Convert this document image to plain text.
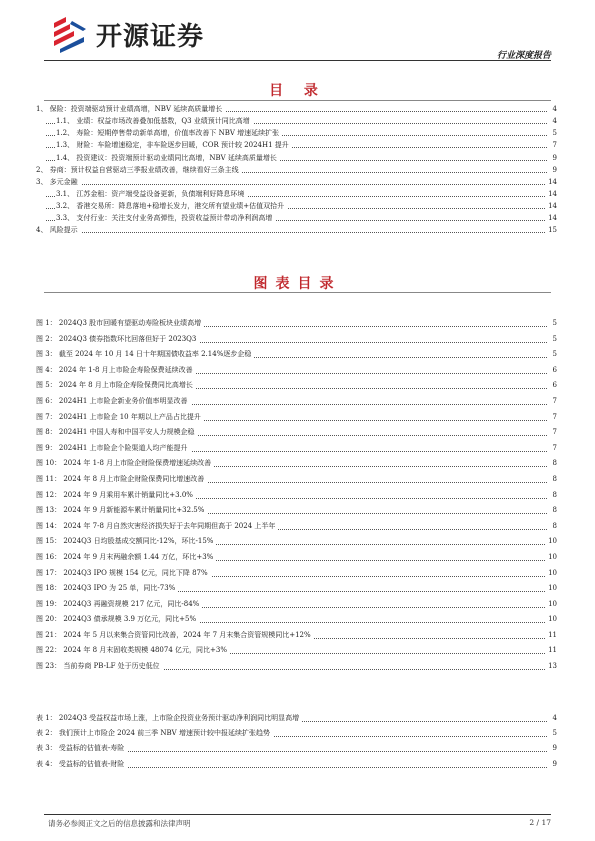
开源证券
行业深度报告
目 录
1、 保险：投资端驱动预计业绩高增，NBV 延续高质量增长	4
1.1、 业绩：权益市场改善叠加低基数，Q3 业绩预计同比高增	4
1.2、 寿险：短期停售带动新单高增，价值率改善下 NBV 增速延续扩张	5
1.3、 财险：车险增速稳定，非车险逐步回暖，COR 预计较 2024H1 提升	7
1.4、 投资建议：投资端预计驱动业绩同比高增，NBV 延续高质量增长	9
2、 券商：预计权益自营驱动三季报业绩改善，继续看好三条主线	9
3、 多元金融	14
3.1、 江苏金租：资产端受益设备更新，负债端利好降息环境	14
3.2、 香港交易所：降息落地+稳增长发力，港交所有望业绩+估值双拾升	14
3.3、 支付行业：关注支付业务高弹性，投资收益预计带动净利润高增	14
4、 风险提示	15
图表目录
图 1： 2024Q3 股市回暖有望驱动寿险板块业绩高增	5
图 2： 2024Q3 债券指数环比回落但好于 2023Q3	5
图 3： 截至 2024 年 10 月 14 日十年期国债收益率 2.14%逐步企稳	5
图 4： 2024 年 1-8 月上市险企寿险保费延续改善	6
图 5： 2024 年 8 月上市险企寿险保费同比高增长	6
图 6： 2024H1 上市险企新业务价值率明显改善	7
图 7： 2024H1 上市险企 10 年期以上产品占比提升	7
图 8： 2024H1 中国人寿和中国平安人力规模企稳	7
图 9： 2024H1 上市险企个险渠道人均产能提升	7
图 10： 2024 年 1-8 月上市险企财险保费增速延续改善	8
图 11： 2024 年 8 月上市险企财险保费同比增速改善	8
图 12： 2024 年 9 月乘用车累计销量同比+3.0%	8
图 13： 2024 年 9 月新能源车累计销量同比+32.5%	8
图 14： 2024 年 7-8 月自然灾害经济损失好于去年同期但高于 2024 上半年	8
图 15： 2024Q3 日均股基成交额同比-12%，环比-15%	10
图 16： 2024 年 9 月末两融余额 1.44 万亿，环比+3%	10
图 17： 2024Q3 IPO 规模 154 亿元，同比下降 87%	10
图 18： 2024Q3 IPO 为 25 单，同比-73%	10
图 19： 2024Q3 再融资规模 217 亿元，同比-84%	10
图 20： 2024Q3 债承规模 3.9 万亿元，同比+5%	10
图 21： 2024 年 5 月以来集合资管同比改善，2024 年 7 月末集合资管规模同比+12%	11
图 22： 2024 年 8 月末固收类规模 48074 亿元，同比+3%	11
图 23： 当前券商 PB-LF 处于历史低位	13
表 1： 2024Q3 受益权益市场上涨，上市险企投资业务预计驱动净利润同比明显高增	4
表 2： 我们预计上市险企 2024 前三季 NBV 增速预计较中报延续扩张趋势	5
表 3： 受益标的估值表-寿险	9
表 4： 受益标的估值表-财险	9
请务必参阅正文之后的信息披露和法律声明	2 / 17
